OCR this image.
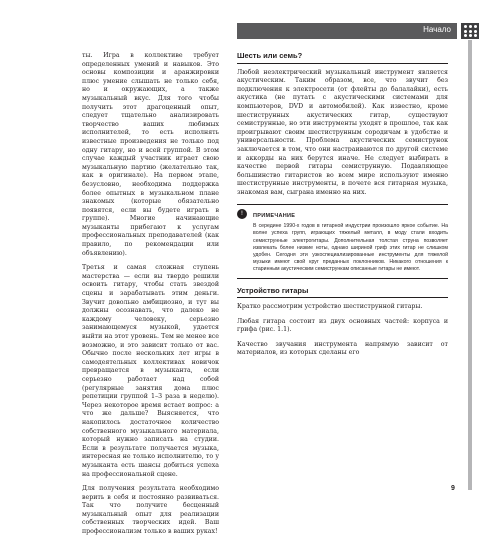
Начало

ты. Игра в коллективе требует определенных умений и навыков. Это основы композиции и аранжировки плюс умение слышать не только себя, но и окружающих, а также музыкальный вкус. Для того чтобы получить этот драгоценный опыт, следует тщательно анализировать творчество ваших любимых исполнителей, то есть исполнять известные произведения не только под одну гитару, но и всей группой. В этом случае каждый участник играет свою музыкальную партию (желательно так, как в оригинале). На первом этапе, безусловно, необходима поддержка более опытных в музыкальном плане знакомых (которые обязательно появятся, если вы будете играть в группе). Многие начинающие музыканты прибегают к услугам профессиональных преподавателей (как правило, по рекомендации или объявлению).

Третья и самая сложная ступень мастерства — если вы твердо решили освоить гитару, чтобы стать звездой сцены и зарабатывать этим деньги. Звучит довольно амбициозно, и тут вы должны осознавать, что далеко не каждому человеку, серьезно занимающемуся музыкой, удается выйти на этот уровень. Тем не менее все возможно, и это зависит только от вас. Обычно после нескольких лет игры в самодеятельных коллективах новичок превращается в музыканта, если серьезно работает над собой (регулярные занятия дома плюс репетиции группой 1–3 раза в неделю). Через некоторое время встает вопрос: а что же дальше? Выясняется, что накопилось достаточное количество собственного музыкального материала, который нужно записать на студии. Если в результате получается музыка, интересная не только исполнителю, то у музыканта есть шансы добиться успеха на профессиональной сцене.

Для получения результата необходимо верить в себя и постоянно развиваться. Так что получите бесценный музыкальный опыт для реализации собственных творческих идей. Ваш профессионализм только в ваших руках!

Шесть или семь?

Любой неэлектрический музыкальный инструмент является акустическим. Таким образом, все, что звучит без подключения к электросети (от флейты до балалайки), есть акустика (не путать с акустическими системами для компьютеров, DVD и автомобилей). Как известно, кроме шестиструнных акустических гитар, существуют семиструнные, но эти инструменты уходят в прошлое, так как проигрывают своим шестиструнным сородичам в удобстве и универсальности. Проблема акустических семиструнок заключается в том, что они настраиваются по другой системе и аккорды на них берутся иначе. Не следует выбирать в качестве первой гитары семиструнную. Подавляющее большинство гитаристов во всем мире используют именно шестиструнные инструменты, в почете вся гитарная музыка, знакомая вам, сыграна именно на них.

!	ПРИМЕЧАНИЕ
В середине 1990-х годов в гитарной индустрии произошло яркое событие. На волне успеха групп, играющих тяжелый металл, в моду стали входить семиструнные электрогитары. Дополнительная толстая струна позволяет извлекать более низкие ноты, однако шириной гриф этих гитар не слишком удобен. Сегодня эти узкоспециализированные инструменты для тяжелой музыки имеют свой круг преданных поклонников. Никакого отношения к старинным акустическим семистрункам описанные гитары не имеют.
Устройство гитары

Кратко рассмотрим устройство шестиструнной гитары.

Любая гитара состоит из двух основных частей: корпуса и грифа (рис. 1.1).

Качество звучания инструмента напрямую зависит от материалов, из которых сделаны его

9
